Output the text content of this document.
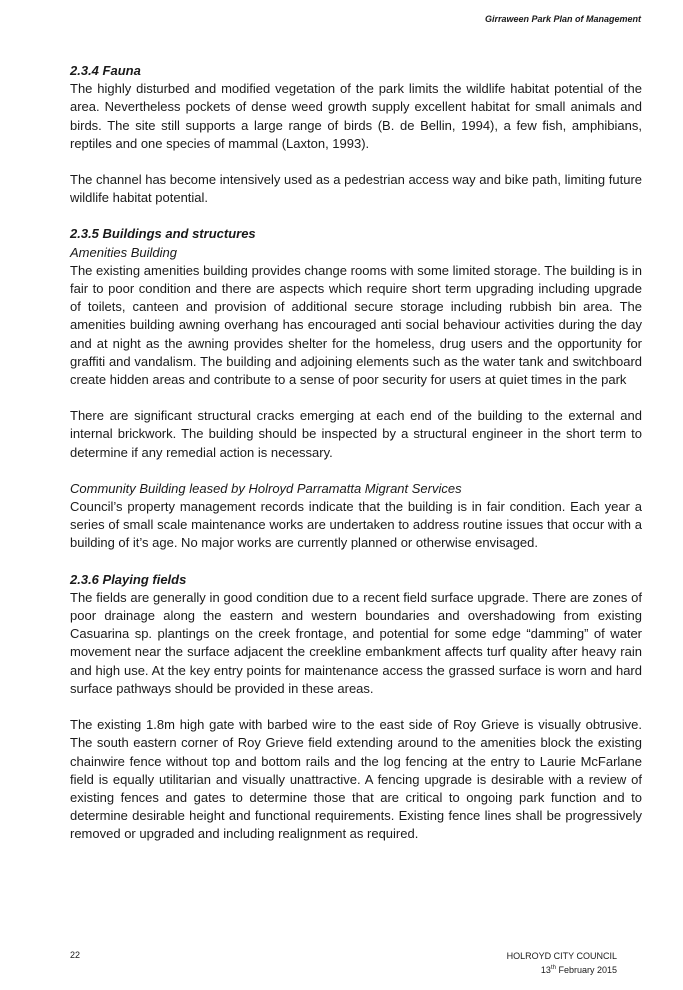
Girraween Park Plan of Management
2.3.4 Fauna

The highly disturbed and modified vegetation of the park limits the wildlife habitat potential of the area. Nevertheless pockets of dense weed growth supply excellent habitat for small animals and birds. The site still supports a large range of birds (B. de Bellin, 1994), a few fish, amphibians, reptiles and one species of mammal (Laxton, 1993).

The channel has become intensively used as a pedestrian access way and bike path, limiting future wildlife habitat potential.

2.3.5 Buildings and structures
Amenities Building

The existing amenities building provides change rooms with some limited storage. The building is in fair to poor condition and there are aspects which require short term upgrading including upgrade of toilets, canteen and provision of additional secure storage including rubbish bin area. The amenities building awning overhang has encouraged anti social behaviour activities during the day and at night as the awning provides shelter for the homeless, drug users and the opportunity for graffiti and vandalism. The building and adjoining elements such as the water tank and switchboard create hidden areas and contribute to a sense of poor security for users at quiet times in the park

There are significant structural cracks emerging at each end of the building to the external and internal brickwork. The building should be inspected by a structural engineer in the short term to determine if any remedial action is necessary.

Community Building leased by Holroyd Parramatta Migrant Services

Council’s property management records indicate that the building is in fair condition. Each year a series of small scale maintenance works are undertaken to address routine issues that occur with a building of it’s age. No major works are currently planned or otherwise envisaged.

2.3.6 Playing fields

The fields are generally in good condition due to a recent field surface upgrade. There are zones of poor drainage along the eastern and western boundaries and overshadowing from existing Casuarina sp. plantings on the creek frontage, and potential for some edge “damming” of water movement near the surface adjacent the creekline embankment affects turf quality after heavy rain and high use. At the key entry points for maintenance access the grassed surface is worn and hard surface pathways should be provided in these areas.

The existing 1.8m high gate with barbed wire to the east side of Roy Grieve is visually obtrusive. The south eastern corner of Roy Grieve field extending around to the amenities block the existing chainwire fence without top and bottom rails and the log fencing at the entry to Laurie McFarlane field is equally utilitarian and visually unattractive. A fencing upgrade is desirable with a review of existing fences and gates to determine those that are critical to ongoing park function and to determine desirable height and functional requirements. Existing fence lines shall be progressively removed or upgraded and including realignment as required.

22	HOLROYD CITY COUNCIL
13th February 2015
